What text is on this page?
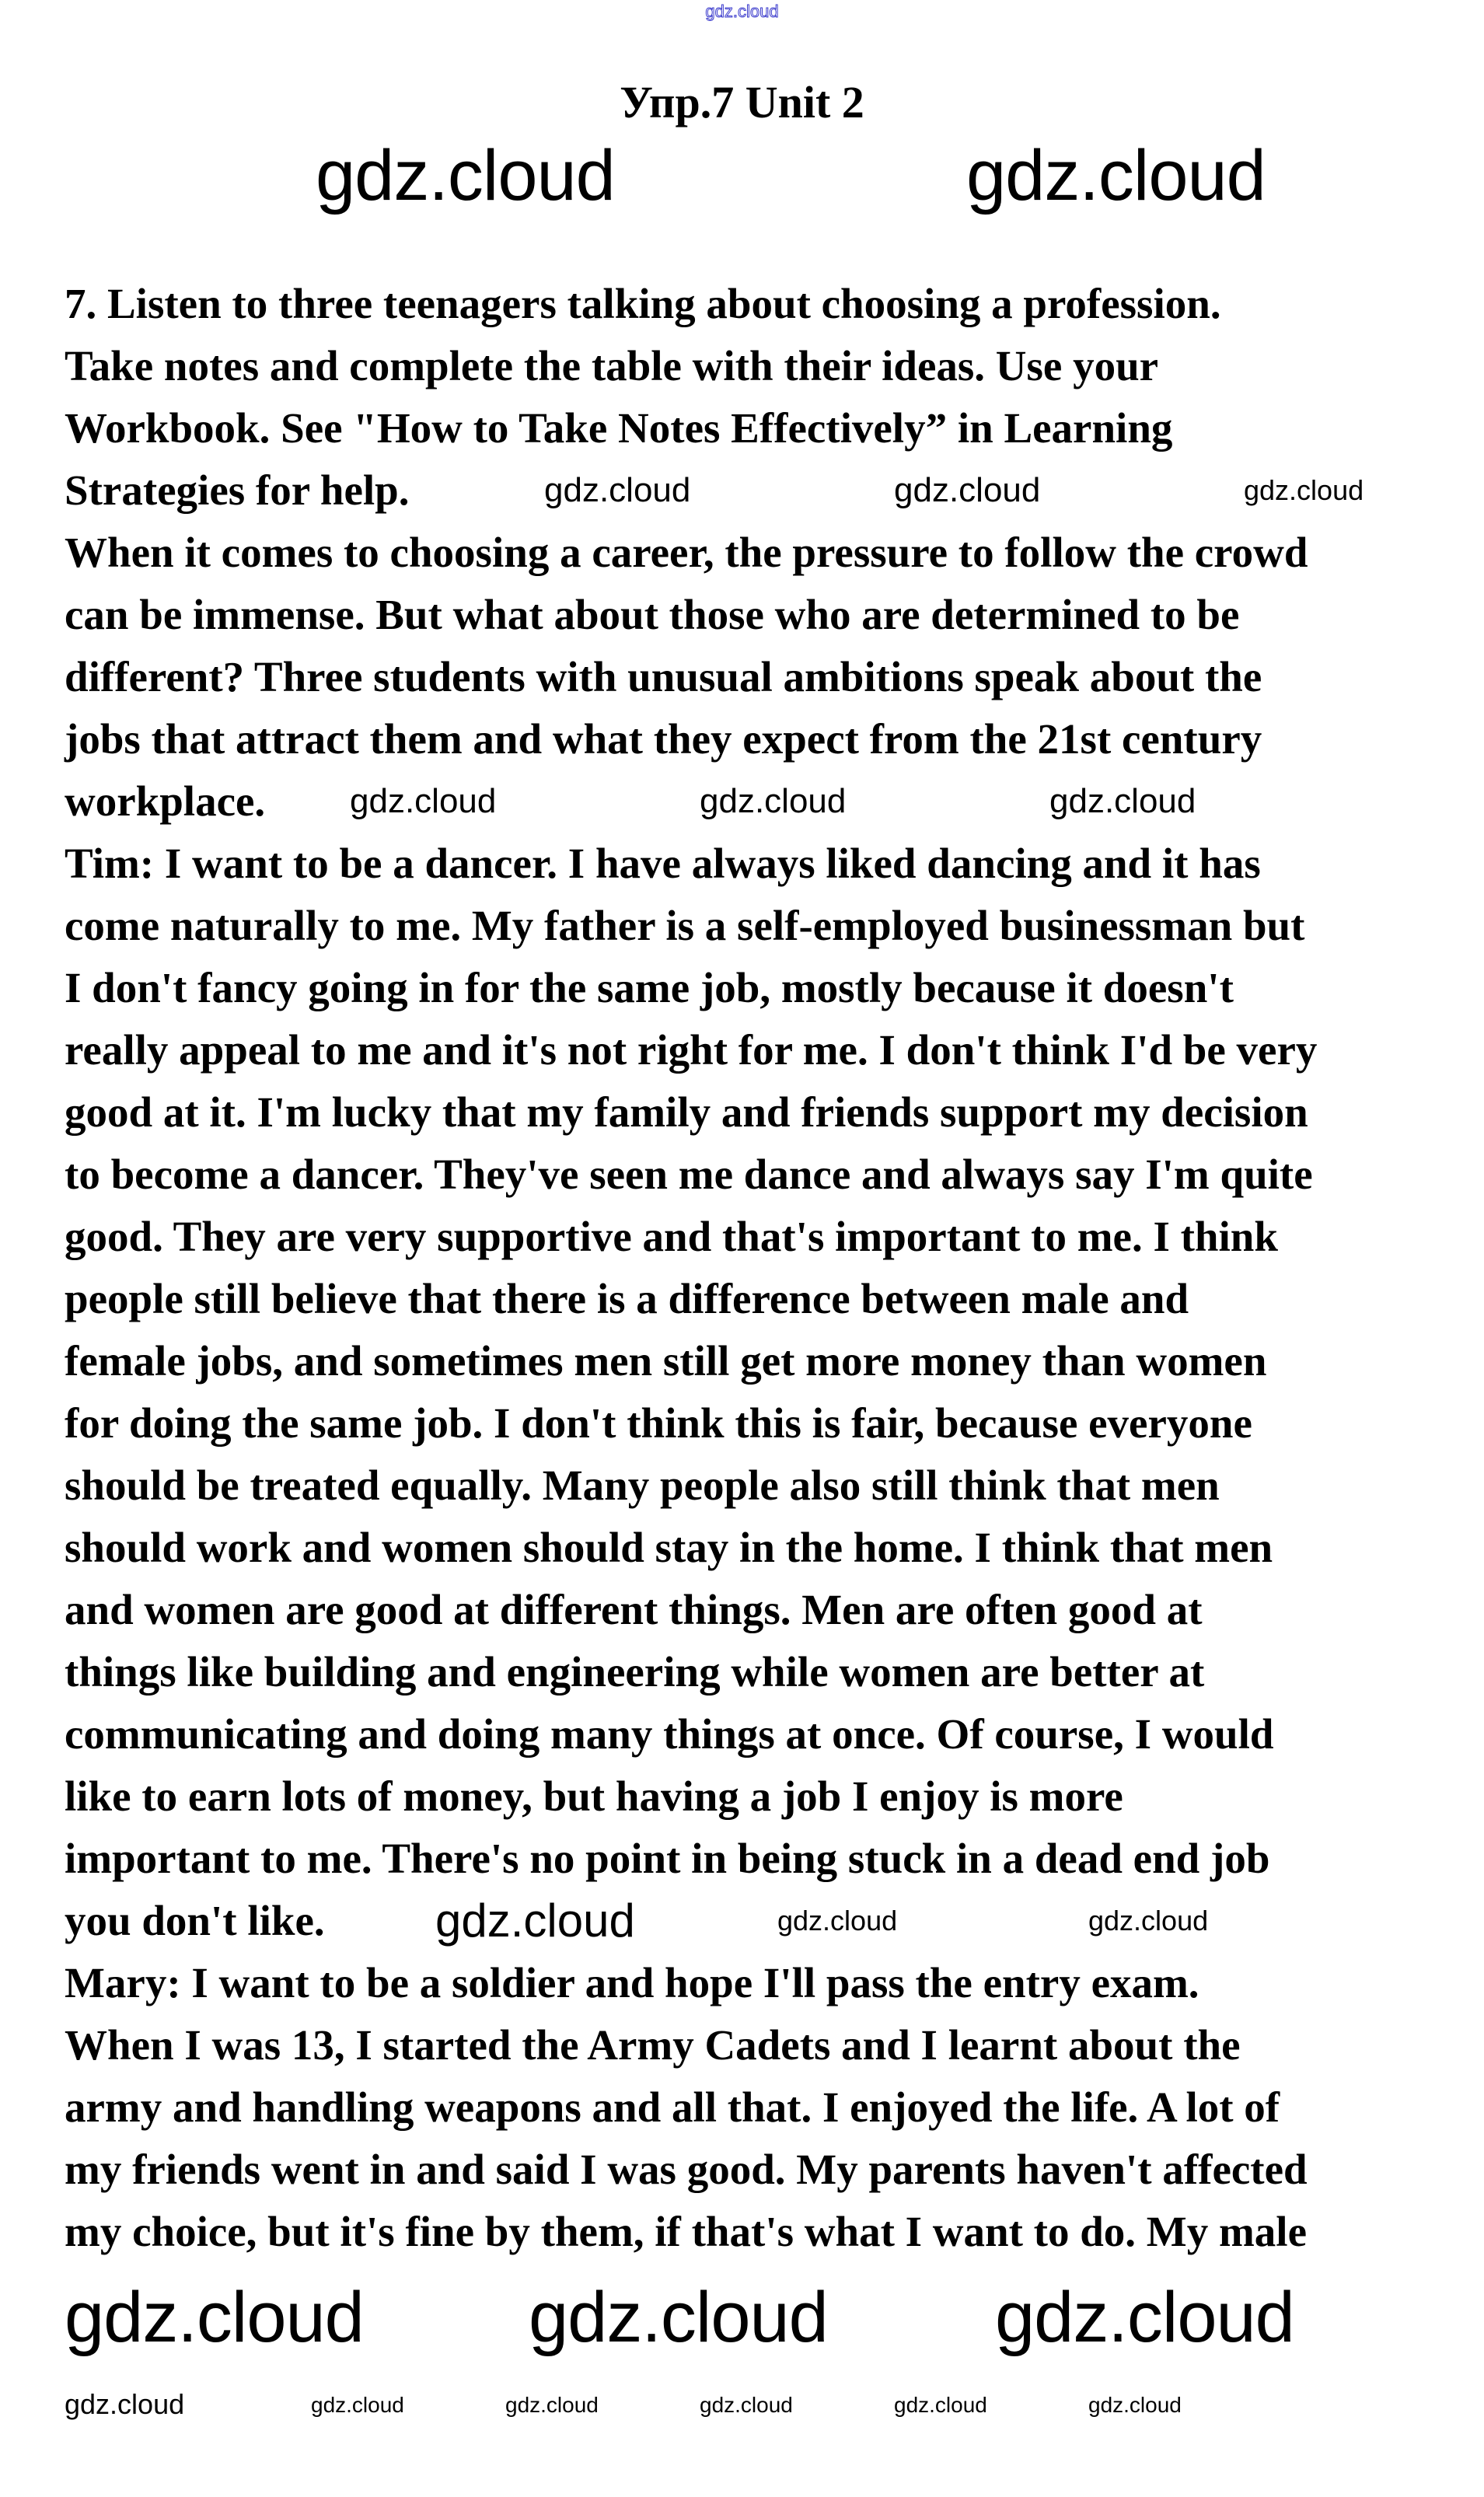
gdz.cloud
Упр.7 Unit 2
7. Listen to three teenagers talking about choosing a profession.
Take notes and complete the table with their ideas. Use your
Workbook. See "How to Take Notes Effectively” in Learning
Strategies for help.
When it comes to choosing a career, the pressure to follow the crowd
can be immense. But what about those who are determined to be
different? Three students with unusual ambitions speak about the
jobs that attract them and what they expect from the 21st century
workplace.
Tim: I want to be a dancer. I have always liked dancing and it has
come naturally to me. My father is a self-employed businessman but
I don't fancy going in for the same job, mostly because it doesn't
really appeal to me and it's not right for me. I don't think I'd be very
good at it. I'm lucky that my family and friends support my decision
to become a dancer. They've seen me dance and always say I'm quite
good. They are very supportive and that's important to me. I think
people still believe that there is a difference between male and
female jobs, and sometimes men still get more money than women
for doing the same job. I don't think this is fair, because everyone
should be treated equally. Many people also still think that men
should work and women should stay in the home. I think that men
and women are good at different things. Men are often good at
things like building and engineering while women are better at
communicating and doing many things at once. Of course, I would
like to earn lots of money, but having a job I enjoy is more
important to me. There's no point in being stuck in a dead end job
you don't like.
Mary: I want to be a soldier and hope I'll pass the entry exam.
When I was 13, I started the Army Cadets and I learnt about the
army and handling weapons and all that. I enjoyed the life. A lot of
my friends went in and said I was good. My parents haven't affected
my choice, but it's fine by them, if that's what I want to do. My male
gdz.cloud	gdz.cloud
gdz.cloud	gdz.cloud	gdz.cloud
gdz.cloud	gdz.cloud	gdz.cloud
gdz.cloud	gdz.cloud	gdz.cloud
gdz.cloud gdz.cloud gdz.cloud
gdz.cloud	gdz.cloud	gdz.cloud	gdz.cloud	gdz.cloud	gdz.cloud
